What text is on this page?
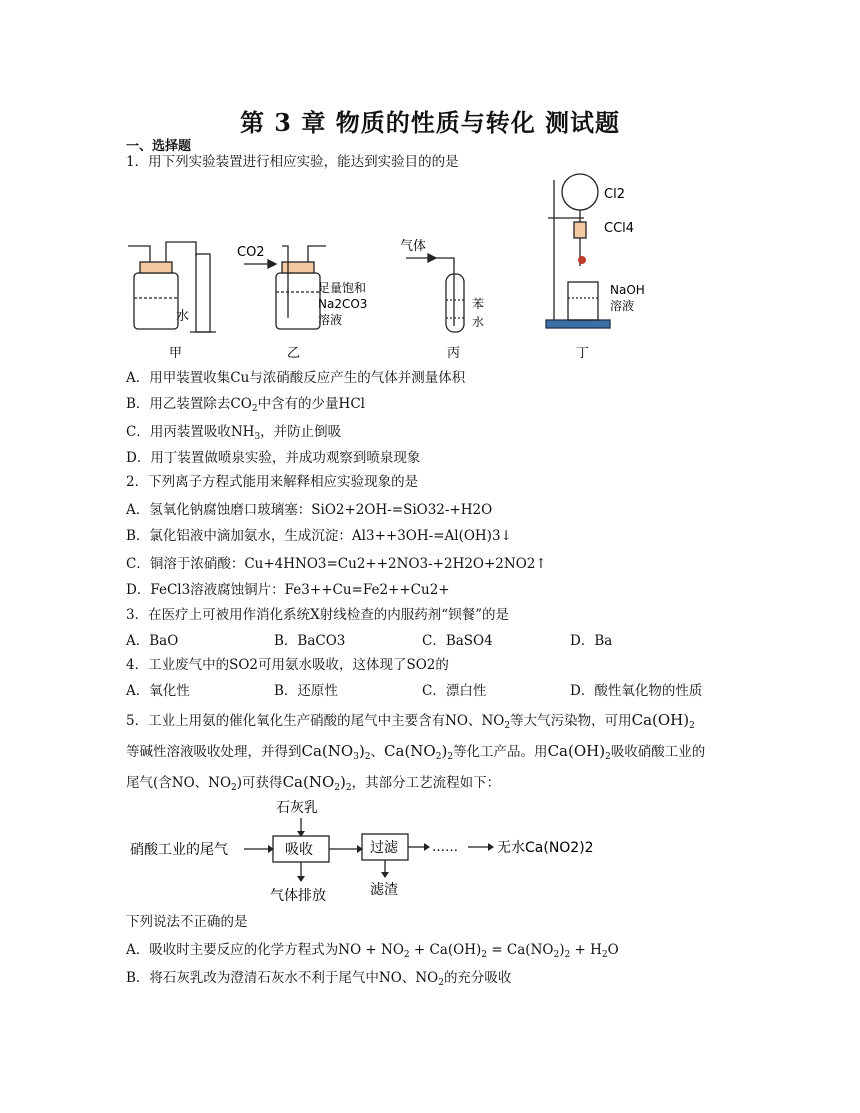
第 3 章 物质的性质与转化 测试题
一、选择题
1．用下列实验装置进行相应实验，能达到实验目的的是
CO2	气体
Cl2
CCl4
水
足量饱和
Na2CO3
溶液
苯
水
NaOH
溶液
甲	乙	丙	丁
A．用甲装置收集Cu与浓硝酸反应产生的气体并测量体积
B．用乙装置除去$CO_2$中含有的少量HCl
C．用丙装置吸收$NH_3$，并防止倒吸
D．用丁装置做喷泉实验，并成功观察到喷泉现象
2．下列离子方程式能用来解释相应实验现象的是
A．氢氧化钠腐蚀磨口玻璃塞：SiO2+2OH-=SiO32-+H2O
B．氯化铝液中滴加氨水，生成沉淀：Al3++3OH-=Al(OH)3↓
C．铜溶于浓硝酸：Cu+4HNO3=Cu2++2NO3-+2H2O+2NO2↑
D．FeCl3溶液腐蚀铜片：Fe3++Cu=Fe2++Cu2+
3．在医疗上可被用作消化系统X射线检查的内服药剂“钡餐”的是
A．BaO	B．BaCO3	C．BaSO4	D．Ba
4．工业废气中的SO2可用氨水吸收，这体现了SO2的
A．氧化性	B．还原性	C．漂白性	D．酸性氧化物的性质
5．工业上用氨的催化氧化生产硝酸的尾气中主要含有NO、$NO_2$等大气污染物，可用$Ca(OH)_2$
等碱性溶液吸收处理，并得到$Ca(NO_3)_2$、$Ca(NO_2)_2$等化工产品。用$Ca(OH)_2$吸收硝酸工业的
尾气(含NO、$NO_2$)可获得$Ca(NO_2)_2$，其部分工艺流程如下：
硝酸工业的尾气
石灰乳
吸收	过滤	……	无水Ca(NO2)2
气体排放	滤渣
下列说法不正确的是
A．吸收时主要反应的化学方程式为NO + $NO_2 + Ca(OH)_2 = Ca(NO_2)_2 + H_2O$
B．将石灰乳改为澄清石灰水不利于尾气中NO、$NO_2$的充分吸收
